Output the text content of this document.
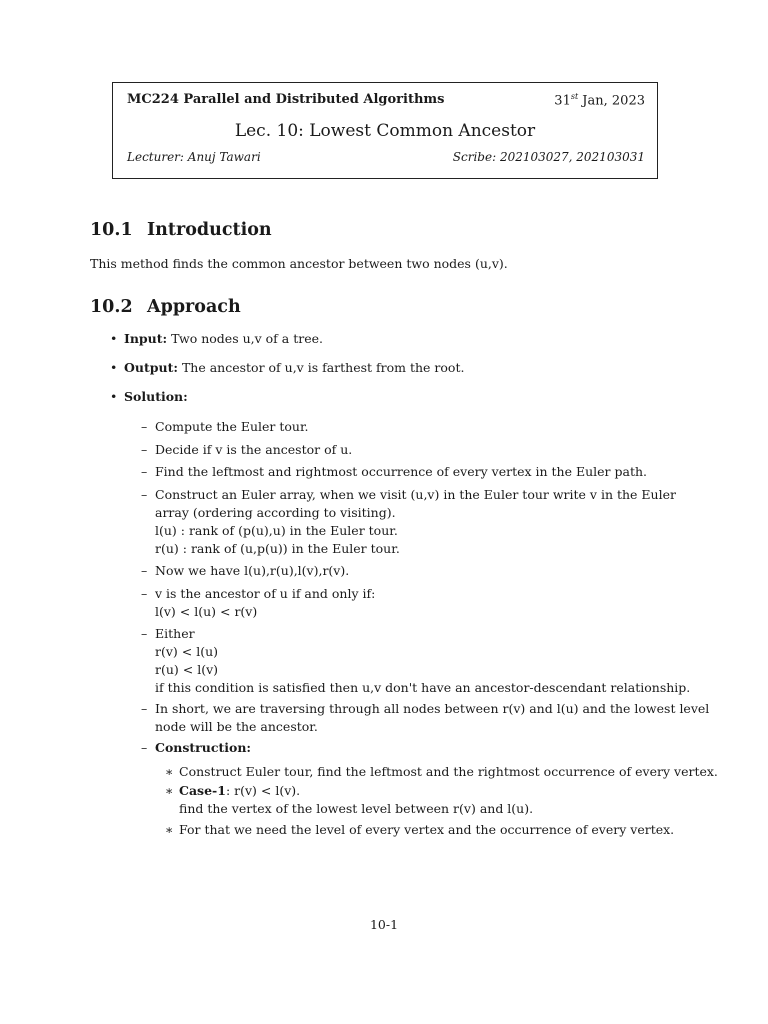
MC224 Parallel and Distributed Algorithms	31st Jan, 2023
Lec. 10: Lowest Common Ancestor
Lecturer: Anuj Tawari	Scribe: 202103027, 202103031
10.1 Introduction
This method finds the common ancestor between two nodes (u,v).
10.2 Approach
• Input: Two nodes u,v of a tree.
• Output: The ancestor of u,v is farthest from the root.
• Solution:
– Compute the Euler tour.
– Decide if v is the ancestor of u.
– Find the leftmost and rightmost occurrence of every vertex in the Euler path.
– Construct an Euler array, when we visit (u,v) in the Euler tour write v in the Euler
array (ordering according to visiting).
l(u) : rank of (p(u),u) in the Euler tour.
r(u) : rank of (u,p(u)) in the Euler tour.
– Now we have l(u),r(u),l(v),r(v).
– v is the ancestor of u if and only if:
l(v) < l(u) < r(v)
– Either
r(v) < l(u)
r(u) < l(v)
if this condition is satisfied then u,v don't have an ancestor-descendant relationship.
– In short, we are traversing through all nodes between r(v) and l(u) and the lowest level
node will be the ancestor.
– Construction:
∗ Construct Euler tour, find the leftmost and the rightmost occurrence of every vertex.
∗ Case-1: r(v) < l(v).
find the vertex of the lowest level between r(v) and l(u).
∗ For that we need the level of every vertex and the occurrence of every vertex.
10-1
